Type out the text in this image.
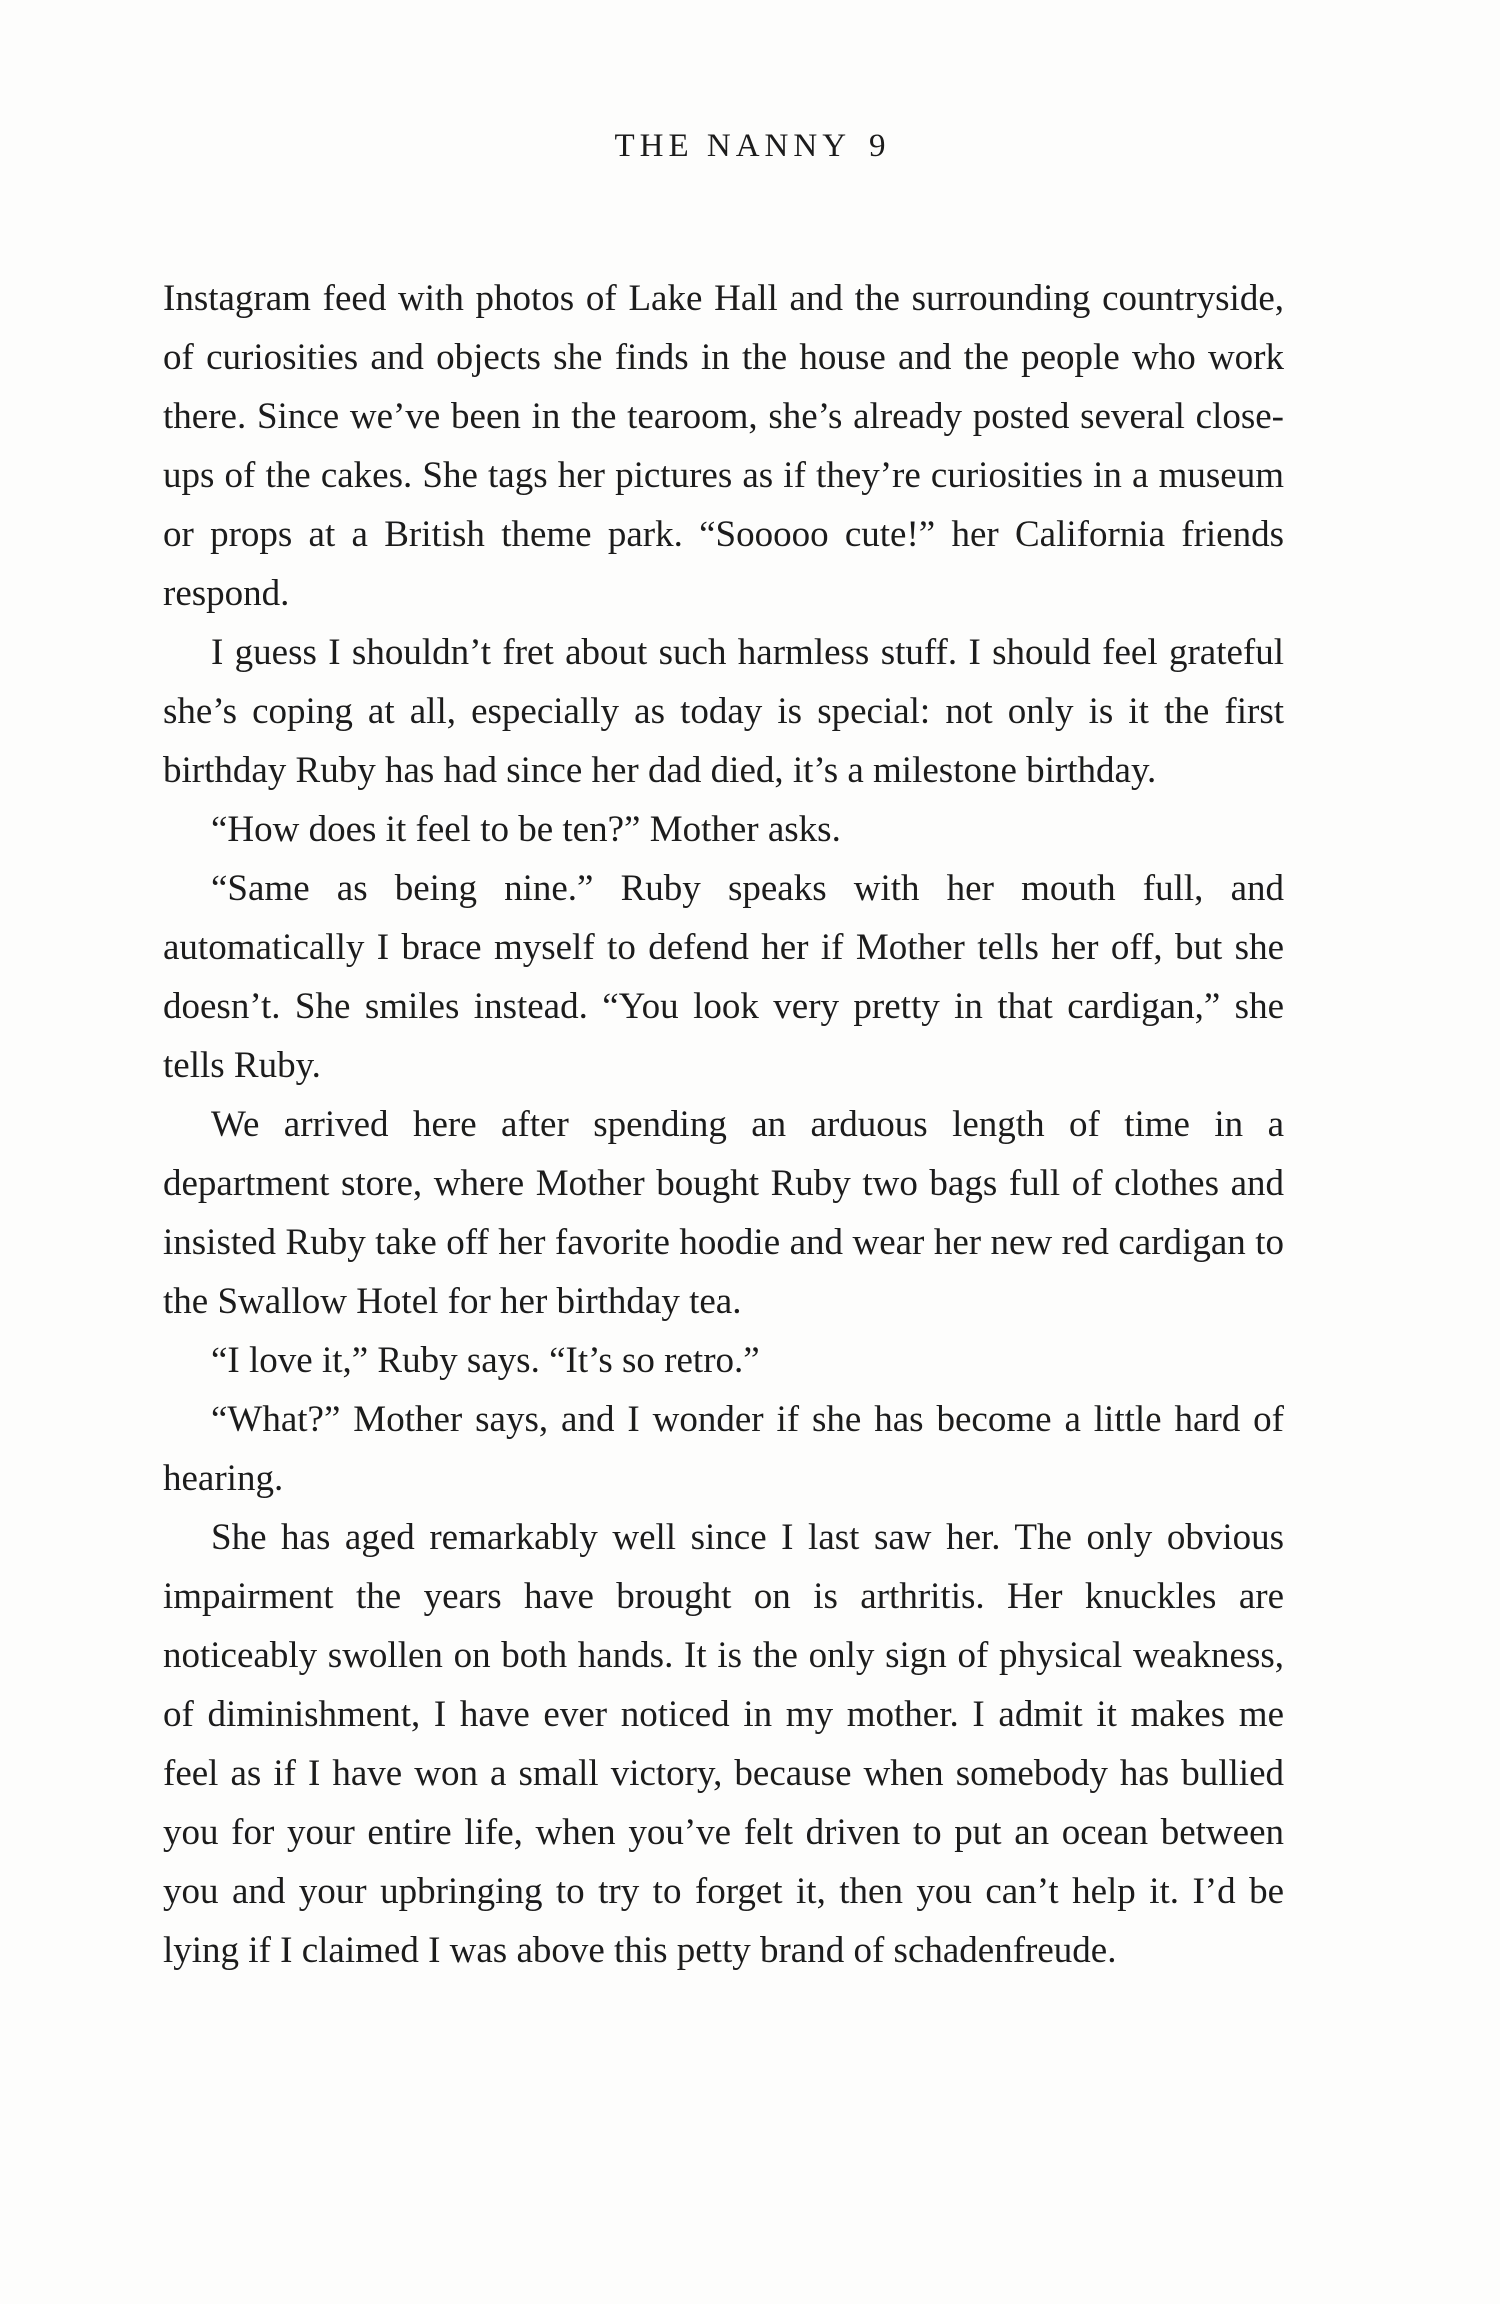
THE NANNY 9

Instagram feed with photos of Lake Hall and the surrounding countryside, of curiosities and objects she finds in the house and the people who work there. Since we’ve been in the tearoom, she’s already posted several close-ups of the cakes. She tags her pictures as if they’re curiosities in a museum or props at a British theme park. “Sooooo cute!” her California friends respond.

I guess I shouldn’t fret about such harmless stuff. I should feel grateful she’s coping at all, especially as today is special: not only is it the first birthday Ruby has had since her dad died, it’s a milestone birthday.

“How does it feel to be ten?” Mother asks.

“Same as being nine.” Ruby speaks with her mouth full, and automatically I brace myself to defend her if Mother tells her off, but she doesn’t. She smiles instead. “You look very pretty in that cardigan,” she tells Ruby.

We arrived here after spending an arduous length of time in a department store, where Mother bought Ruby two bags full of clothes and insisted Ruby take off her favorite hoodie and wear her new red cardigan to the Swallow Hotel for her birthday tea.

“I love it,” Ruby says. “It’s so retro.”

“What?” Mother says, and I wonder if she has become a little hard of hearing.

She has aged remarkably well since I last saw her. The only obvious impairment the years have brought on is arthritis. Her knuckles are noticeably swollen on both hands. It is the only sign of physical weakness, of diminishment, I have ever noticed in my mother. I admit it makes me feel as if I have won a small victory, because when somebody has bullied you for your entire life, when you’ve felt driven to put an ocean between you and your upbringing to try to forget it, then you can’t help it. I’d be lying if I claimed I was above this petty brand of schadenfreude.
